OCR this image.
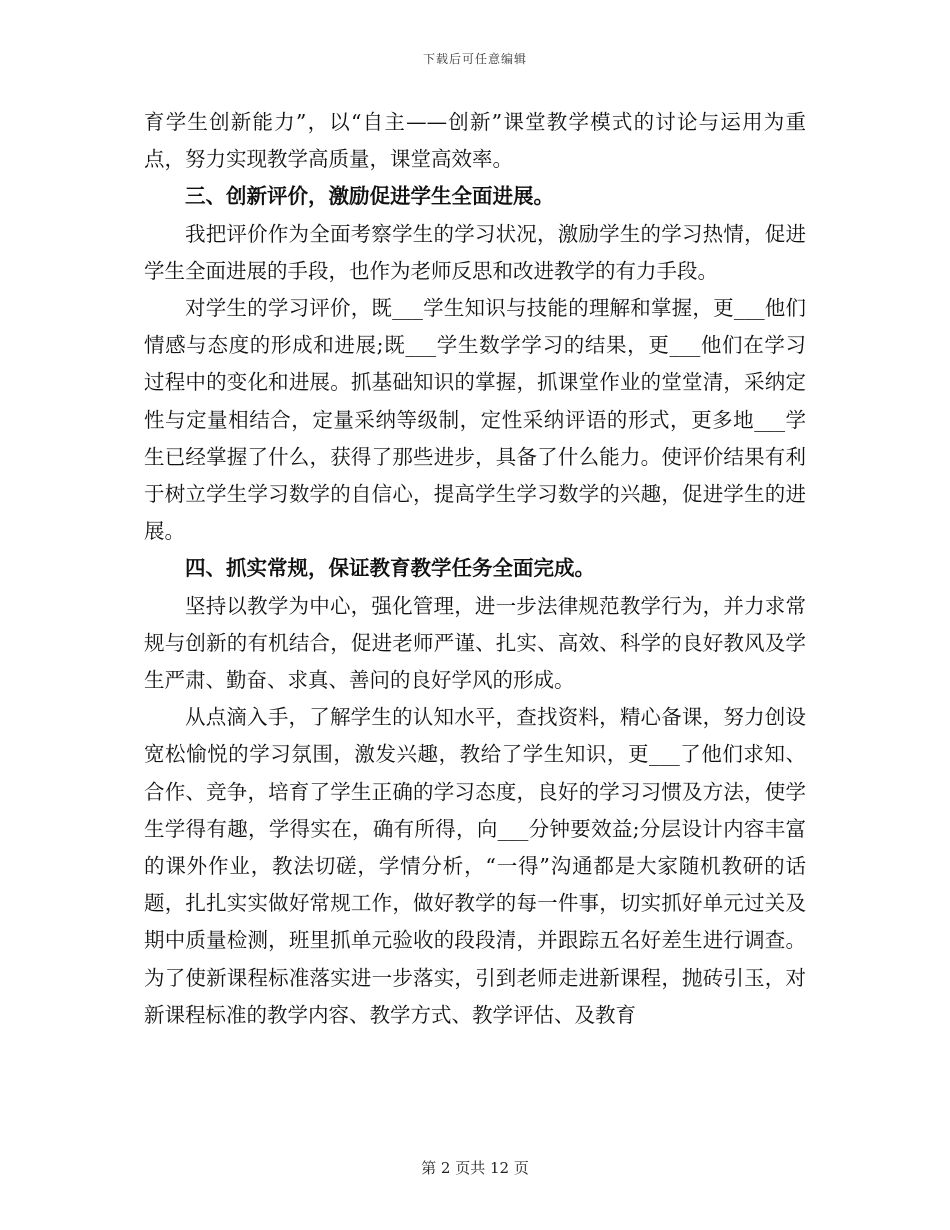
下载后可任意编辑

育学生创新能力”，以“自主——创新”课堂教学模式的讨论与运用为重点，努力实现教学高质量，课堂高效率。

三、创新评价，激励促进学生全面进展。

我把评价作为全面考察学生的学习状况，激励学生的学习热情，促进学生全面进展的手段，也作为老师反思和改进教学的有力手段。

对学生的学习评价，既___学生知识与技能的理解和掌握，更___他们情感与态度的形成和进展;既___学生数学学习的结果，更___他们在学习过程中的变化和进展。抓基础知识的掌握，抓课堂作业的堂堂清，采纳定性与定量相结合，定量采纳等级制，定性采纳评语的形式，更多地___学生已经掌握了什么，获得了那些进步，具备了什么能力。使评价结果有利于树立学生学习数学的自信心，提高学生学习数学的兴趣，促进学生的进展。

四、抓实常规，保证教育教学任务全面完成。

坚持以教学为中心，强化管理，进一步法律规范教学行为，并力求常规与创新的有机结合，促进老师严谨、扎实、高效、科学的良好教风及学生严肃、勤奋、求真、善问的良好学风的形成。

从点滴入手，了解学生的认知水平，查找资料，精心备课，努力创设宽松愉悦的学习氛围，激发兴趣，教给了学生知识，更___了他们求知、合作、竞争，培育了学生正确的学习态度，良好的学习习惯及方法，使学生学得有趣，学得实在，确有所得，向___分钟要效益;分层设计内容丰富的课外作业，教法切磋，学情分析，“一得”沟通都是大家随机教研的话题，扎扎实实做好常规工作，做好教学的每一件事，切实抓好单元过关及期中质量检测，班里抓单元验收的段段清，并跟踪五名好差生进行调查。为了使新课程标准落实进一步落实，引到老师走进新课程，抛砖引玉，对新课程标准的教学内容、教学方式、教学评估、及教育

第 2 页共 12 页
